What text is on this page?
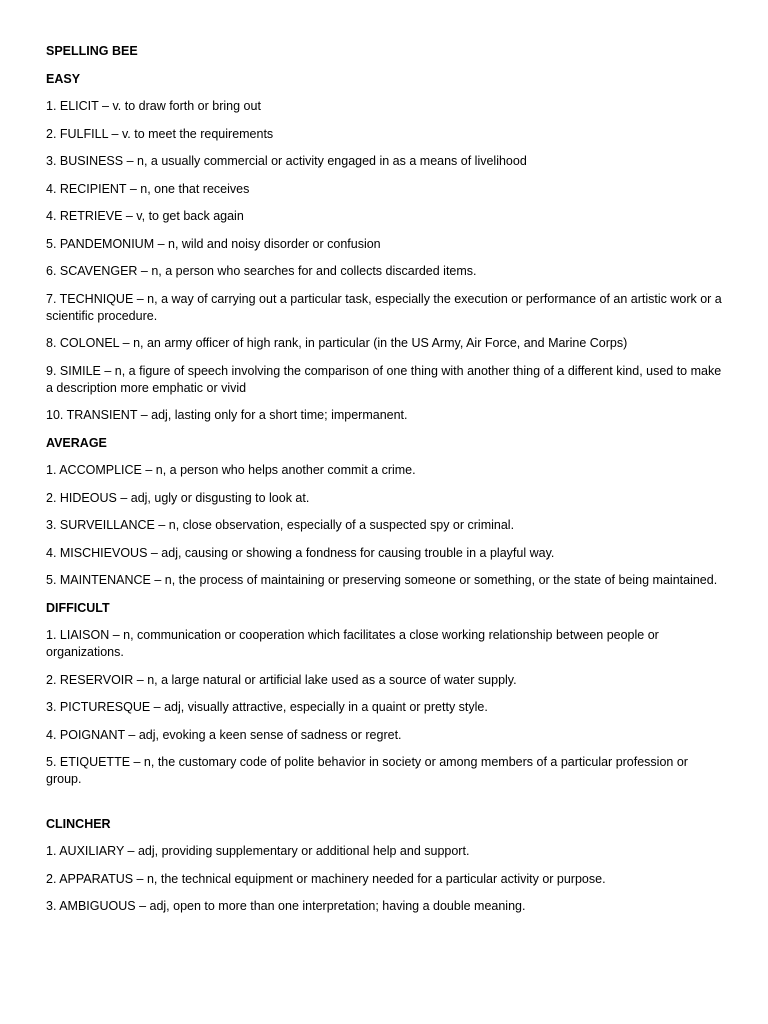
SPELLING BEE
EASY
1. ELICIT – v. to draw forth or bring out
2. FULFILL – v. to meet the requirements
3. BUSINESS – n, a usually commercial or activity engaged in as a means of livelihood
4. RECIPIENT – n, one that receives
4. RETRIEVE – v, to get back again
5. PANDEMONIUM – n, wild and noisy disorder or confusion
6. SCAVENGER – n, a person who searches for and collects discarded items.
7. TECHNIQUE – n, a way of carrying out a particular task, especially the execution or performance of an artistic work or a scientific procedure.
8. COLONEL – n, an army officer of high rank, in particular (in the US Army, Air Force, and Marine Corps)
9. SIMILE – n, a figure of speech involving the comparison of one thing with another thing of a different kind, used to make a description more emphatic or vivid
10. TRANSIENT – adj, lasting only for a short time; impermanent.
AVERAGE
1. ACCOMPLICE – n, a person who helps another commit a crime.
2. HIDEOUS – adj, ugly or disgusting to look at.
3. SURVEILLANCE – n, close observation, especially of a suspected spy or criminal.
4. MISCHIEVOUS – adj, causing or showing a fondness for causing trouble in a playful way.
5. MAINTENANCE – n, the process of maintaining or preserving someone or something, or the state of being maintained.
DIFFICULT
1. LIAISON – n, communication or cooperation which facilitates a close working relationship between people or organizations.
2. RESERVOIR – n, a large natural or artificial lake used as a source of water supply.
3. PICTURESQUE – adj, visually attractive, especially in a quaint or pretty style.
4. POIGNANT – adj, evoking a keen sense of sadness or regret.
5. ETIQUETTE – n, the customary code of polite behavior in society or among members of a particular profession or group.
CLINCHER
1. AUXILIARY – adj, providing supplementary or additional help and support.
2. APPARATUS – n, the technical equipment or machinery needed for a particular activity or purpose.
3. AMBIGUOUS – adj, open to more than one interpretation; having a double meaning.
